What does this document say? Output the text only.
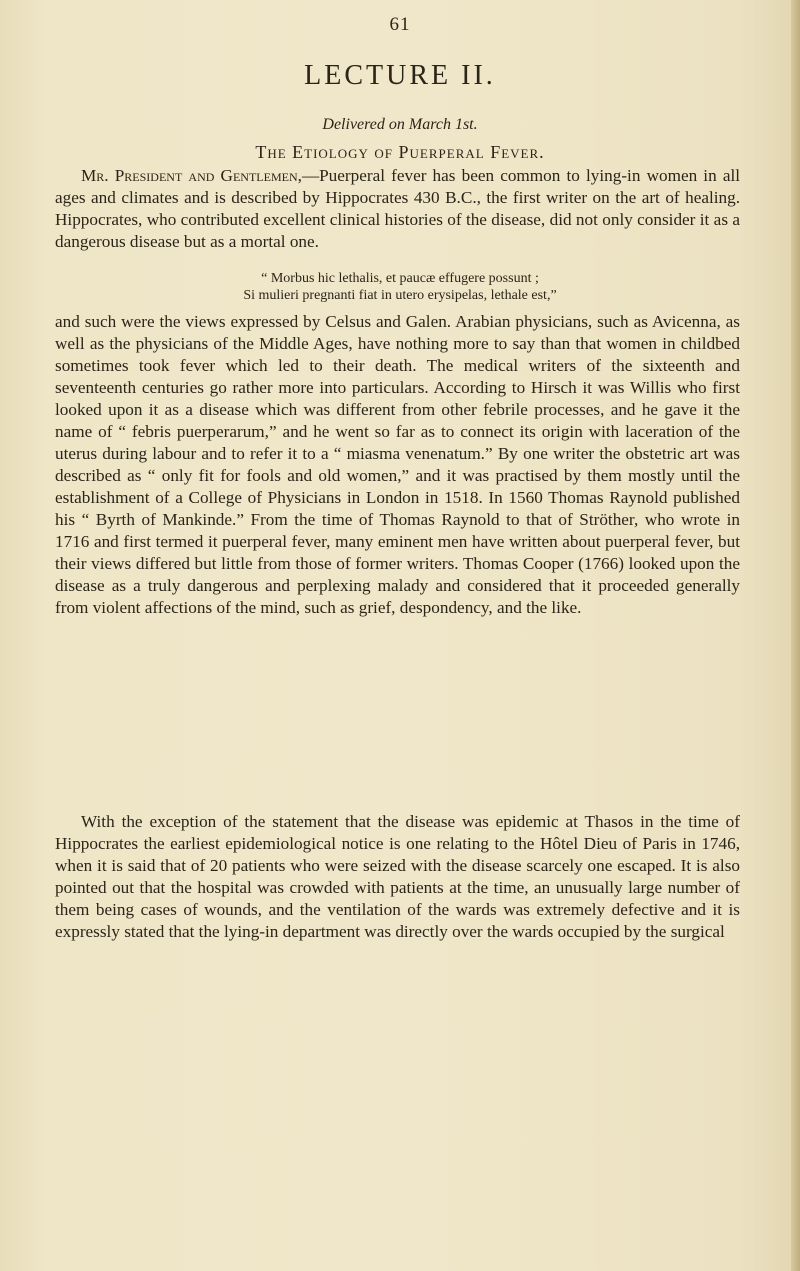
61
LECTURE II.
Delivered on March 1st.
The Etiology of Puerperal Fever.
Mr. President and Gentlemen,—Puerperal fever has been common to lying-in women in all ages and climates and is described by Hippocrates 430 B.C., the first writer on the art of healing. Hippocrates, who contributed excellent clinical histories of the disease, did not only consider it as a dangerous disease but as a mortal one.
“ Morbus hic lethalis, et paucæ effugere possunt ;
Si mulieri pregnanti fiat in utero erysipelas, lethale est,”
and such were the views expressed by Celsus and Galen. Arabian physicians, such as Avicenna, as well as the physicians of the Middle Ages, have nothing more to say than that women in childbed sometimes took fever which led to their death. The medical writers of the sixteenth and seventeenth centuries go rather more into particulars. According to Hirsch it was Willis who first looked upon it as a disease which was different from other febrile processes, and he gave it the name of “ febris puerperarum,” and he went so far as to connect its origin with laceration of the uterus during labour and to refer it to a “ miasma venenatum.” By one writer the obstetric art was described as “ only fit for fools and old women,” and it was practised by them mostly until the establishment of a College of Physicians in London in 1518. In 1560 Thomas Raynold published his “ Byrth of Mankinde.” From the time of Thomas Raynold to that of Ströther, who wrote in 1716 and first termed it puerperal fever, many eminent men have written about puerperal fever, but their views differed but little from those of former writers. Thomas Cooper (1766) looked upon the disease as a truly dangerous and perplexing malady and considered that it proceeded generally from violent affections of the mind, such as grief, despondency, and the like.
With the exception of the statement that the disease was epidemic at Thasos in the time of Hippocrates the earliest epidemiological notice is one relating to the Hôtel Dieu of Paris in 1746, when it is said that of 20 patients who were seized with the disease scarcely one escaped. It is also pointed out that the hospital was crowded with patients at the time, an unusually large number of them being cases of wounds, and the ventilation of the wards was extremely defective and it is expressly stated that the lying-in department was directly over the wards occupied by the surgical
